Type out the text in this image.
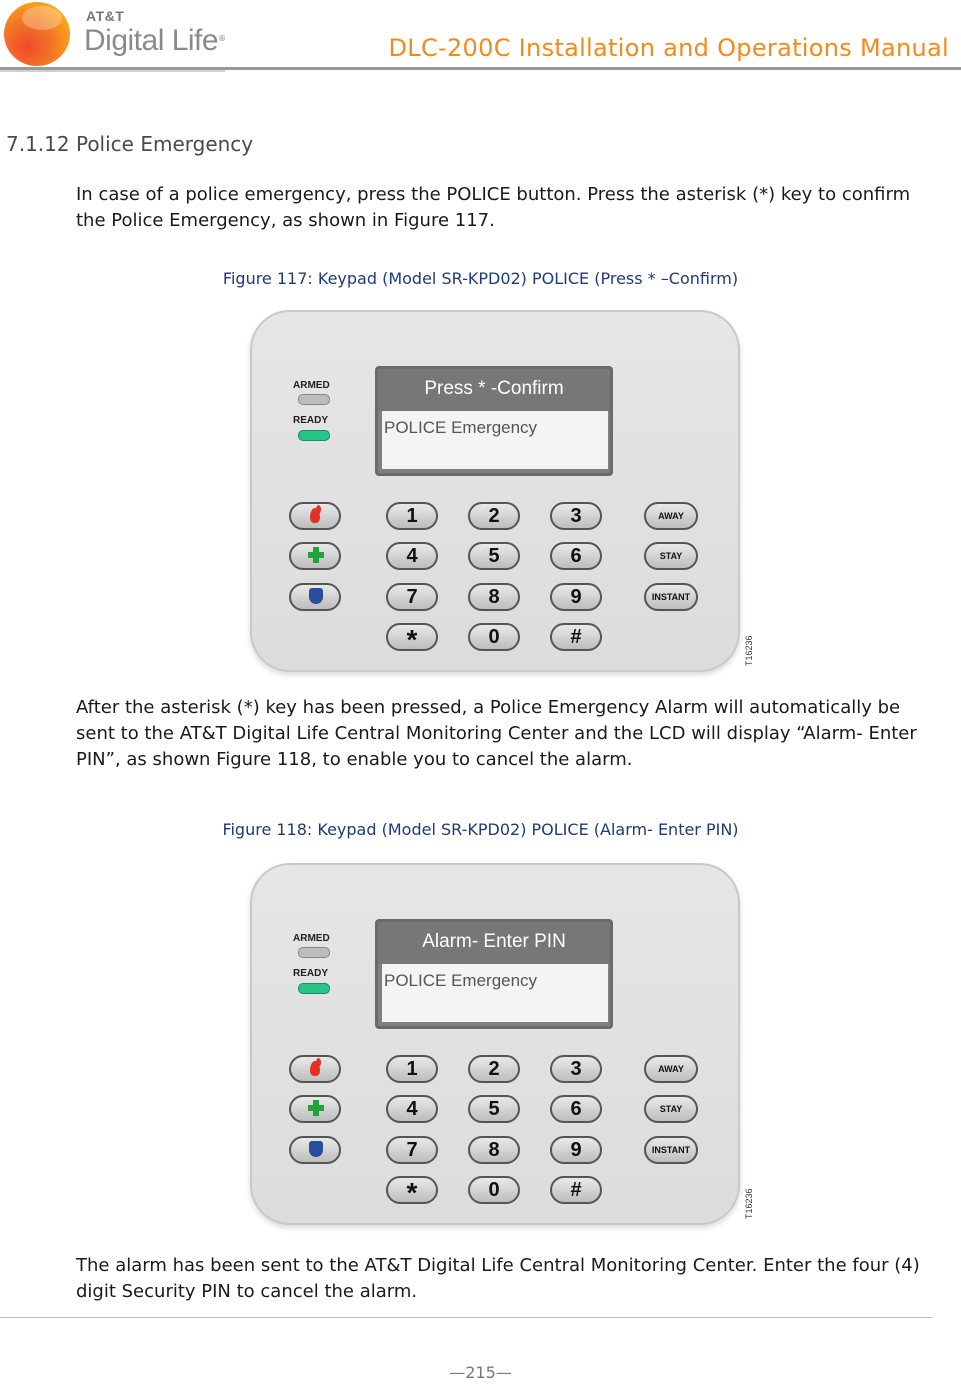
AT&T
Digital Life ®	DLC-200C Installation and Operations Manual
7.1.12 Police Emergency

In case of a police emergency, press the POLICE button. Press the asterisk (*) key to confirm the Police Emergency, as shown in Figure 117.

Figure 117: Keypad (Model SR-KPD02) POLICE (Press * –Confirm)
ARMED
READY
Press * -Confirm
POLICE Emergency
1	2	3
4	5	6
7	8	9
*	0	#
AWAY
STAY
INSTANT
T16236

After the asterisk (*) key has been pressed, a Police Emergency Alarm will automatically be sent to the AT&T Digital Life Central Monitoring Center and the LCD will display “Alarm- Enter PIN”, as shown Figure 118, to enable you to cancel the alarm.

Figure 118: Keypad (Model SR-KPD02) POLICE (Alarm- Enter PIN)
ARMED
READY
Alarm- Enter PIN
POLICE Emergency
1	2	3
4	5	6
7	8	9
*	0	#
AWAY
STAY
INSTANT
T16236

The alarm has been sent to the AT&T Digital Life Central Monitoring Center. Enter the four (4) digit Security PIN to cancel the alarm.

—215—
